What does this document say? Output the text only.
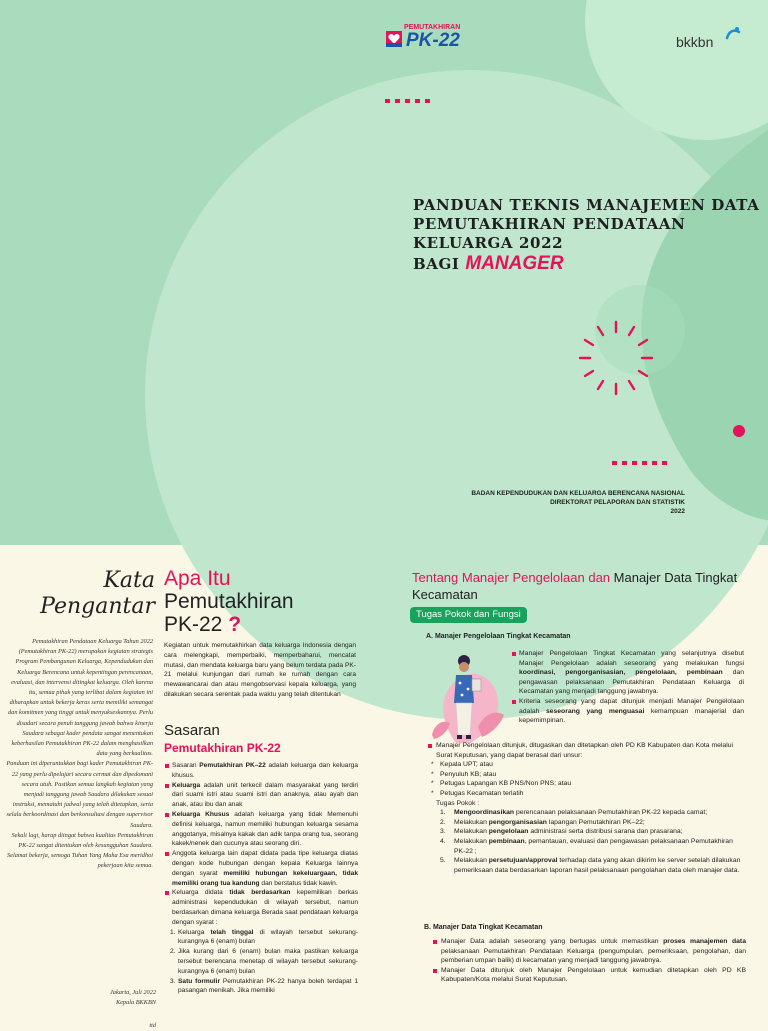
PEMUTAKHIRAN
PK-22	bkkbn
PANDUAN TEKNIS MANAJEMEN DATA
PEMUTAKHIRAN PENDATAAN
KELUARGA 2022
BAGI MANAGER
BADAN KEPENDUDUKAN DAN KELUARGA BERENCANA NASIONAL
DIREKTORAT PELAPORAN DAN STATISTIK
2022
Kata
Pengantar

Pemutakhiran Pendataan Keluarga Tahun 2022 (Pemutakhiran PK-22) merupakan kegiatan strategis Program Pembangunan Keluarga, Kependudukan dan Keluarga Berencana untuk kepentingan perencanaan, evaluasi, dan intervensi ditingkat keluarga. Oleh karena itu, semua pihak yang terlibat dalam kegiatan ini diharapkan untuk bekerja keras serta memiliki semangat dan komitmen yang tinggi untuk menyukseskannya. Perlu disadari secara penuh tanggung jawab bahwa kinerja Saudara sebagai kader pendata sangat menentukan keberhasilan Pemutakhiran PK-22 dalam menghasilkan data yang berkualitas.

Panduan ini diperuntukkan bagi kader Pemutakhiran PK-22 yang perlu dipelajari secara cermat dan dipedomani secara utuh. Pastikan semua langkah kegiatan yang menjadi tanggung jawab Saudara dilakukan sesuai instruksi, mematuhi jadwal yang telah ditetapkan, serta selalu berkoordinasi dan berkonsultasi dengan supervisor Saudara.

Sekali lagi, harap diingat bahwa kualitas Pemutakhiran PK-22 sangat ditentukan oleh kesungguhan Saudara. Selamat bekerja, semoga Tuhan Yang Maha Esa meridhoi pekerjaan kita semua.

Jakarta, Juli 2022
Kepala BKKBN
ttd
Apa Itu
Pemutakhiran
PK-22 ?
Kegiatan untuk memutakhirkan data keluarga Indonesia dengan cara melengkapi, memperbaiki, memperbaharui, mencatat mutasi, dan mendata keluarga baru yang belum terdata pada PK-21 melalui kunjungan dari rumah ke rumah dengan cara mewawancarai dan atau mengobservasi kepala keluarga, yang dilakukan secara serentak pada waktu yang telah ditentukan
Sasaran
Pemutakhiran PK-22
Sasaran Pemutakhiran PK–22 adalah keluarga dan keluarga khusus.
Keluarga adalah unit terkecil dalam masyarakat yang terdiri dari suami istri atau suami istri dan anaknya, atau ayah dan anak, atau ibu dan anak
Keluarga Khusus adalah keluarga yang tidak Memenuhi definisi keluarga, namun memiliki hubungan keluarga sesama anggotanya, misalnya kakak dan adik tanpa orang tua, seorang kakek/nenek dan cucunya atau seorang diri.
Anggota keluarga lain dapat didata pada tipe keluarga diatas dengan kode hubungan dengan kepala Keluarga lainnya dengan syarat memiliki hubungan kekeluargaan, tidak memiliki orang tua kandung dan berstatus tidak kawin.
Keluarga didata tidak berdasarkan kepemilikan berkas administrasi kependudukan di wilayah tersebut, namun berdasarkan dimana keluarga Berada saat pendataan keluarga dengan syarat :
1. Keluarga telah tinggal di wilayah tersebut sekurang-kurangnya 6 (enam) bulan
2. Jika kurang dari 6 (enam) bulan maka pastikan keluarga tersebut berencana menetap di wilayah tersebut sekurang-kurangnya 6 (enam) bulan
3. Satu formulir Pemutakhiran PK-22 hanya boleh terdapat 1 pasangan menikah. Jika memiliki
Tentang Manajer Pengelolaan dan Manajer Data Tingkat Kecamatan
Tugas Pokok dan Fungsi
A. Manajer Pengelolaan Tingkat Kecamatan
Manajer Pengelolaan Tingkat Kecamatan yang selanjutnya disebut Manajer Pengelolaan adalah seseorang yang melakukan fungsi koordinasi, pengorganisasian, pengelolaan, pembinaan dan pengawasan pelaksanaan Pemutakhiran Pendataan Keluarga di Kecamatan yang menjadi tanggung jawabnya.
Kriteria seseorang yang dapat ditunjuk menjadi Manajer Pengelolaan adalah seseorang yang menguasai kemampuan manajerial dan kepemimpinan.
Manajer Pengelolaan ditunjuk, ditugaskan dan ditetapkan oleh PD KB Kabupaten dan Kota melalui Surat Keputusan, yang dapat berasal dari unsur:
* Kepala UPT; atau
* Penyuluh KB; atau
* Petugas Lapangan KB PNS/Non PNS; atau
* Petugas Kecamatan terlatih
Tugas Pokok :
1. Mengoordinasikan perencanaan pelaksanaan Pemutakhiran PK-22 kepada camat;
2. Melakukan pengorganisasian lapangan Pemutakhiran PK–22;
3. Melakukan pengelolaan administrasi serta distribusi sarana dan prasarana;
4. Melakukan pembinaan, pemantauan, evaluasi dan pengawasan pelaksanaan Pemutakhiran PK-22 ;
5. Melakukan persetujuan/approval terhadap data yang akan dikirim ke server setelah dilakukan pemeriksaan data berdasarkan laporan hasil pelaksanaan pengolahan data oleh manajer data.
B. Manajer Data Tingkat Kecamatan
Manajer Data adalah seseorang yang bertugas untuk memastikan proses manajemen data pelaksanaan Pemutakhiran Pendataan Keluarga (pengumpulan, pemeriksaan, pengolahan, dan pemberian umpan balik) di kecamatan yang menjadi tanggung jawabnya.
Manajer Data ditunjuk oleh Manajer Pengelolaan untuk kemudian ditetapkan oleh PD KB Kabupaten/Kota melalui Surat Keputusan.
